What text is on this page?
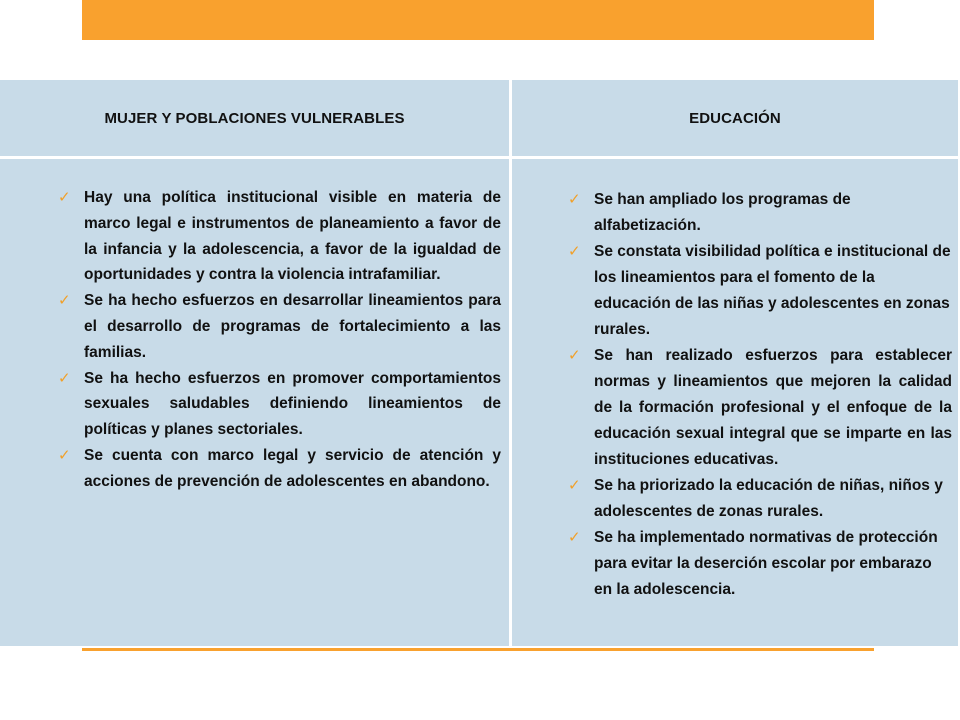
MUJER Y POBLACIONES VULNERABLES	EDUCACIÓN
✓ Hay una política institucional visible en materia de marco legal e instrumentos de planeamiento a favor de la infancia y la adolescencia, a favor de la igualdad de oportunidades y contra la violencia intrafamiliar.
✓ Se ha hecho esfuerzos en desarrollar lineamientos para el desarrollo de programas de fortalecimiento a las familias.
✓ Se ha hecho esfuerzos en promover comportamientos sexuales saludables definiendo lineamientos de políticas y planes sectoriales.
✓ Se cuenta con marco legal y servicio de atención y acciones de prevención de adolescentes en abandono.
✓ Se han ampliado los programas de alfabetización.
✓ Se constata visibilidad política e institucional de los lineamientos para el fomento de la educación de las niñas y adolescentes en zonas rurales.
✓ Se han realizado esfuerzos para establecer normas y lineamientos que mejoren la calidad de la formación profesional y el enfoque de la educación sexual integral que se imparte en las instituciones educativas.
✓ Se ha priorizado la educación de niñas, niños y adolescentes de zonas rurales.
✓ Se ha implementado normativas de protección para evitar la deserción escolar por embarazo en la adolescencia.
